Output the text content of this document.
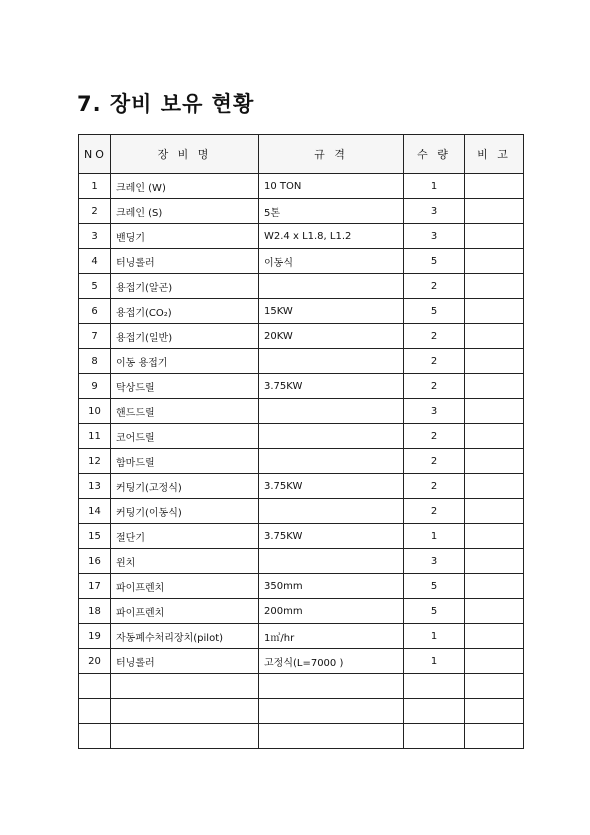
7. 장비 보유 현황
NO	장 비 명	규 격	수 량	비 고
1	크레인 (W)	10 TON	1	
2	크레인 (S)	5톤	3	
3	밴딩기	W2.4 x L1.8, L1.2	3	
4	터닝롤러	이동식	5	
5	용접기(알곤)		2	
6	용접기(CO₂)	15KW	5	
7	용접기(일반)	20KW	2	
8	이동 용접기		2	
9	탁상드릴	3.75KW	2	
10	핸드드릴		3	
11	코어드릴		2	
12	함마드릴		2	
13	커팅기(고정식)	3.75KW	2	
14	커팅기(이동식)		2	
15	절단기	3.75KW	1	
16	윈치		3	
17	파이프렌치	350mm	5	
18	파이프렌치	200mm	5	
19	자동폐수처리장치(pilot)	1㎥/hr	1	
20	터닝롤러	고정식(L=7000 )	1	
